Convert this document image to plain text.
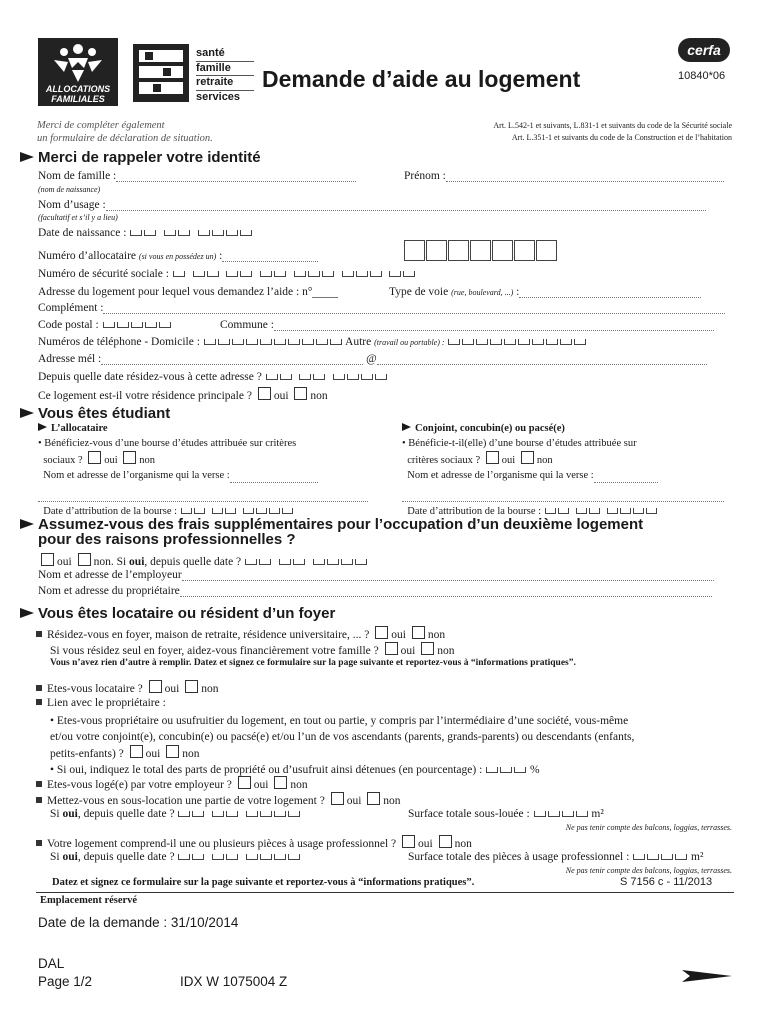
ALLOCATIONS FAMILIALES
santé
famille
retraite
services
Demande d’aide au logement
cerfa
10840*06
Merci de compléter également
un formulaire de déclaration de situation.
Art. L.542-1 et suivants, L.831-1 et suivants du code de la Sécurité sociale
Art. L.351-1 et suivants du code de la Construction et de l’habitation
Merci de rappeler votre identité
Nom de famille :	Prénom :
(nom de naissance)
Nom d’usage :
(facultatif et s’il y a lieu)
Date de naissance :
Numéro d’allocataire (si vous en possédez un) :
Numéro de sécurité sociale :
Adresse du logement pour lequel vous demandez l’aide : n°	Type de voie (rue, boulevard, ...) :
Complément :
Code postal :	Commune :
Numéros de téléphone - Domicile :	Autre (travail ou portable) :
Adresse mél :	@
Depuis quelle date résidez-vous à cette adresse ?
Ce logement est-il votre résidence principale ? oui non
Vous êtes étudiant
L’allocataire
• Bénéficiez-vous d’une bourse d’études attribuée sur critères
sociaux ? oui non
Nom et adresse de l’organisme qui la verse :
Date d’attribution de la bourse :
Conjoint, concubin(e) ou pacsé(e)
• Bénéficie-t-il(elle) d’une bourse d’études attribuée sur
critères sociaux ? oui non
Nom et adresse de l’organisme qui la verse :
Date d’attribution de la bourse :
Assumez-vous des frais supplémentaires pour l’occupation d’un deuxième logement
pour des raisons professionnelles ?
oui non. Si oui, depuis quelle date ?
Nom et adresse de l’employeur
Nom et adresse du propriétaire
Vous êtes locataire ou résident d’un foyer
Résidez-vous en foyer, maison de retraite, résidence universitaire, ... ? oui non
Si vous résidez seul en foyer, aidez-vous financièrement votre famille ? oui non
Vous n’avez rien d’autre à remplir. Datez et signez ce formulaire sur la page suivante et reportez-vous à “informations pratiques”.
Etes-vous locataire ? oui non
Lien avec le propriétaire :
• Etes-vous propriétaire ou usufruitier du logement, en tout ou partie, y compris par l’intermédiaire d’une société, vous-même
et/ou votre conjoint(e), concubin(e) ou pacsé(e) et/ou l’un de vos ascendants (parents, grands-parents) ou descendants (enfants,
petits-enfants) ? oui non
• Si oui, indiquez le total des parts de propriété ou d’usufruit ainsi détenues (en pourcentage) :	%
Etes-vous logé(e) par votre employeur ? oui non
Mettez-vous en sous-location une partie de votre logement ? oui non
Si oui, depuis quelle date ?	Surface totale sous-louée :	m²
Ne pas tenir compte des balcons, loggias, terrasses.
Votre logement comprend-il une ou plusieurs pièces à usage professionnel ? oui non
Si oui, depuis quelle date ?	Surface totale des pièces à usage professionnel :	m²
Ne pas tenir compte des balcons, loggias, terrasses.
Datez et signez ce formulaire sur la page suivante et reportez-vous à “informations pratiques”.	S 7156 c - 11/2013
Emplacement réservé
Date de la demande : 31/10/2014
DAL
Page 1/2	IDX W 1075004 Z
